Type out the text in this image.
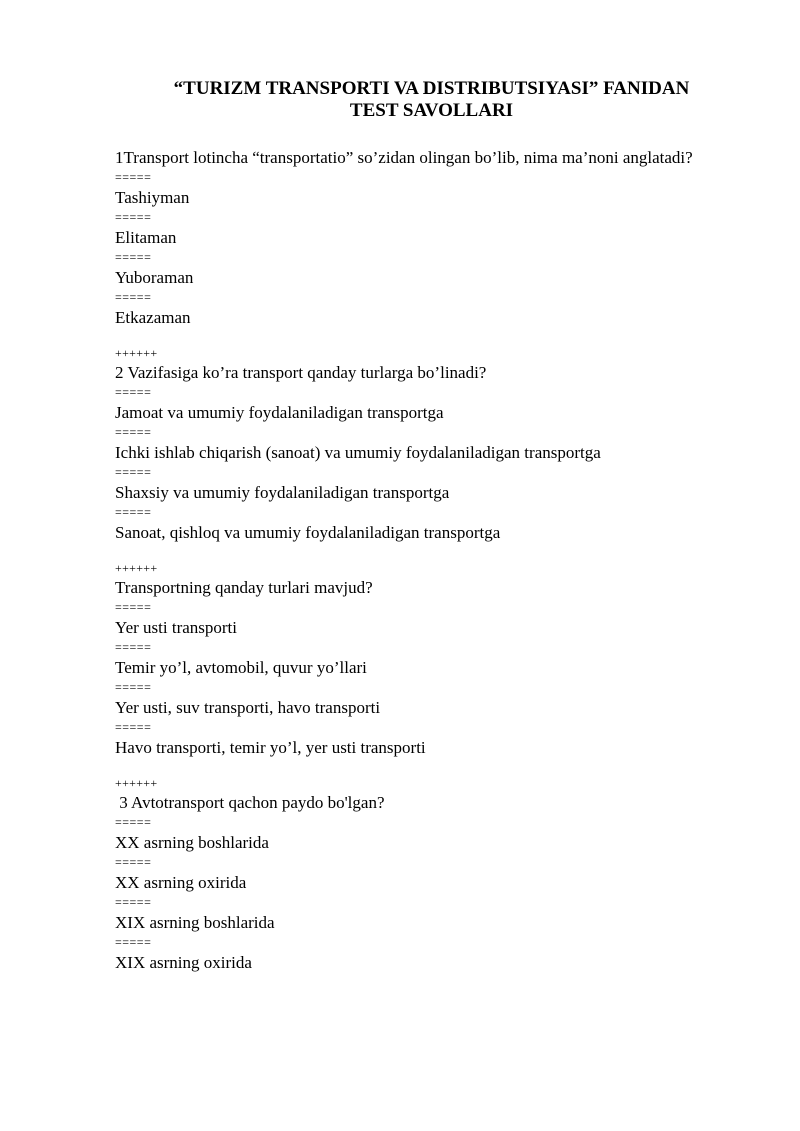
“TURIZM TRANSPORTI VA DISTRIBUTSIYASI” FANIDAN
TEST SAVOLLARI

1Transport lotincha “transportatio” so’zidan olingan bo’lib, nima ma’noni anglatadi?

=====
Tashiyman
=====
Elitaman
=====
Yuboraman
=====
Etkazaman
++++++

2 Vazifasiga ko’ra transport qanday turlarga bo’linadi?

=====
Jamoat va umumiy foydalaniladigan transportga
=====
Ichki ishlab chiqarish (sanoat) va umumiy foydalaniladigan transportga
=====
Shaxsiy va umumiy foydalaniladigan transportga
=====
Sanoat, qishloq va umumiy foydalaniladigan transportga
++++++

Transportning qanday turlari mavjud?

=====
Yer usti transporti
=====
Temir yo’l, avtomobil, quvur yo’llari
=====
Yer usti, suv transporti, havo transporti
=====
Havo transporti, temir yo’l, yer usti transporti
++++++

3 Avtotransport qachon paydo bo'lgan?

=====
XX asrning boshlarida
=====
XX asrning oxirida
=====
XIX asrning boshlarida
=====
XIX asrning oxirida
